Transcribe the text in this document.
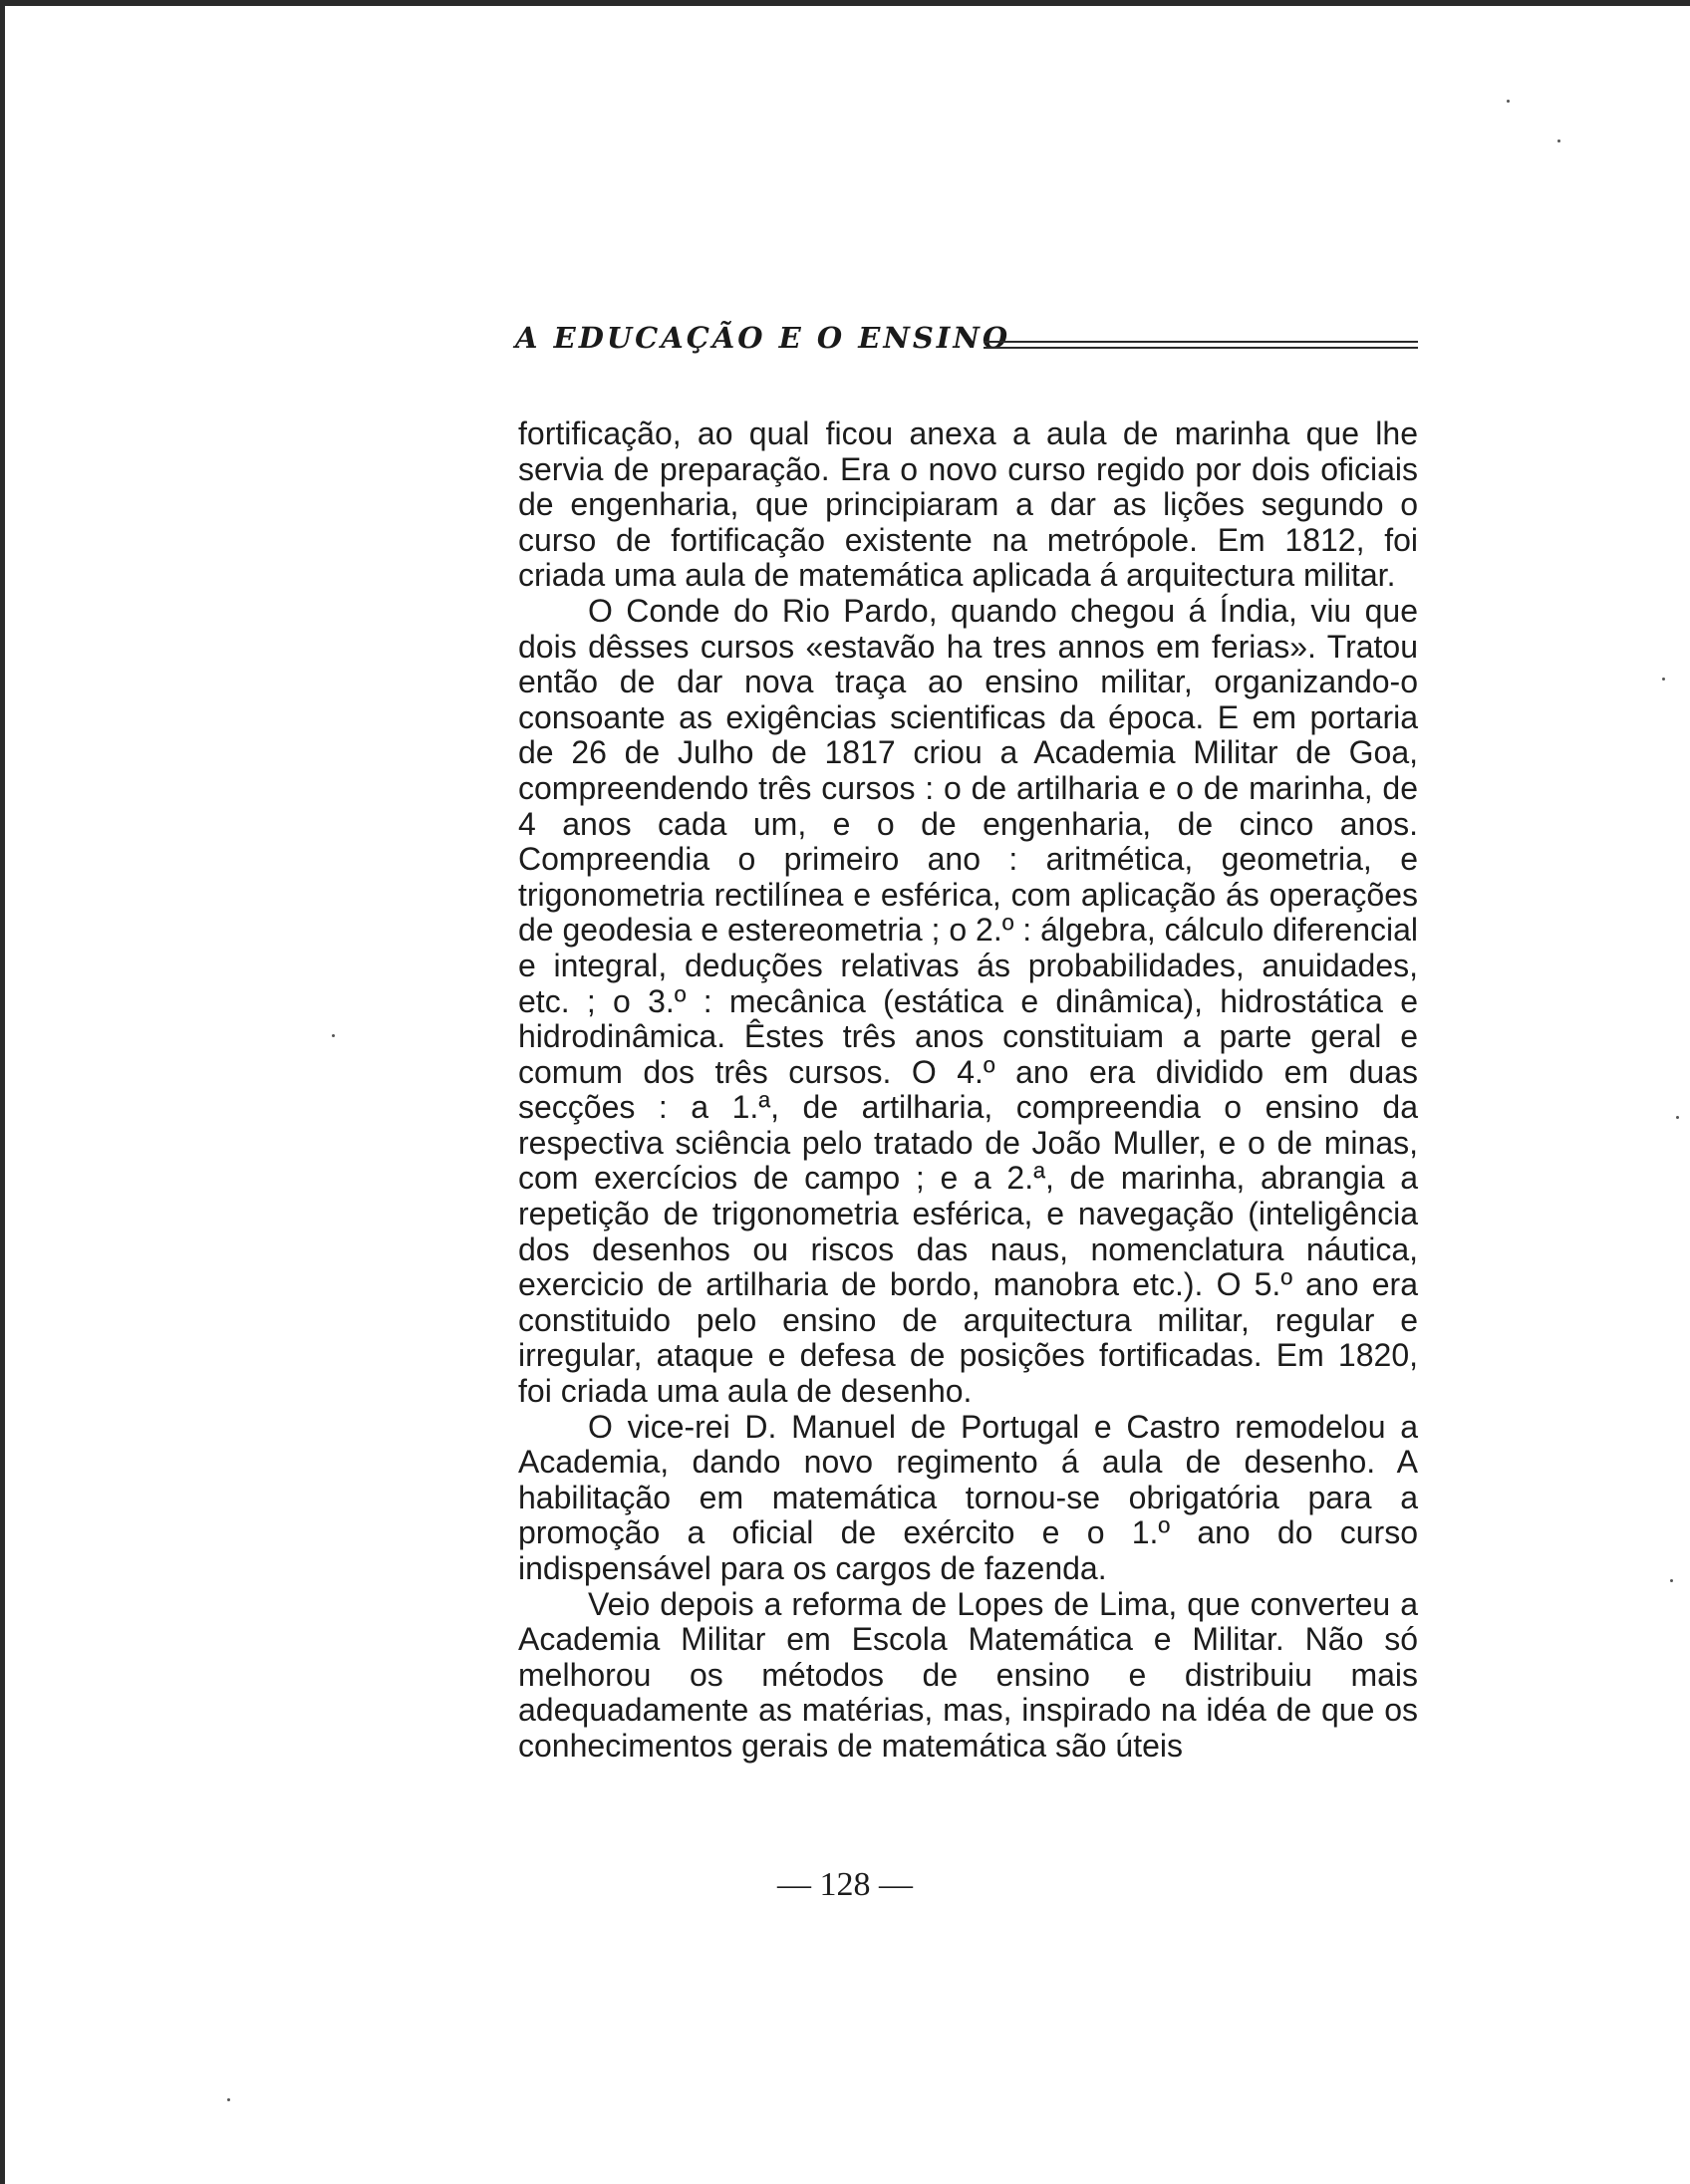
A EDUCAÇÃO E O ENSINO

fortificação, ao qual ficou anexa a aula de marinha que lhe servia de preparação. Era o novo curso regido por dois oficiais de engenharia, que principiaram a dar as lições segundo o curso de fortificação existente na metrópole. Em 1812, foi criada uma aula de matemática aplicada á arquitectura militar.

O Conde do Rio Pardo, quando chegou á Índia, viu que dois dêsses cursos «estavão ha tres annos em ferias». Tratou então de dar nova traça ao ensino militar, organizando-o consoante as exigências scientificas da época. E em portaria de 26 de Julho de 1817 criou a Academia Militar de Goa, compreendendo três cursos : o de artilharia e o de marinha, de 4 anos cada um, e o de engenharia, de cinco anos. Compreendia o primeiro ano : aritmética, geometria, e trigonometria rectilínea e esférica, com aplicação ás operações de geodesia e estereometria ; o 2.º : álgebra, cálculo diferencial e integral, deduções relativas ás probabilidades, anuidades, etc. ; o 3.º : mecânica (estática e dinâmica), hidrostática e hidrodinâmica. Êstes três anos constituiam a parte geral e comum dos três cursos. O 4.º ano era dividido em duas secções : a 1.ª, de artilharia, compreendia o ensino da respectiva sciência pelo tratado de João Muller, e o de minas, com exercícios de campo ; e a 2.ª, de marinha, abrangia a repetição de trigonometria esférica, e navegação (inteligência dos desenhos ou riscos das naus, nomenclatura náutica, exercicio de artilharia de bordo, manobra etc.). O 5.º ano era constituido pelo ensino de arquitectura militar, regular e irregular, ataque e defesa de posições fortificadas. Em 1820, foi criada uma aula de desenho.

O vice-rei D. Manuel de Portugal e Castro remodelou a Academia, dando novo regimento á aula de desenho. A habilitação em matemática tornou-se obrigatória para a promoção a oficial de exército e o 1.º ano do curso indispensável para os cargos de fazenda.

Veio depois a reforma de Lopes de Lima, que converteu a Academia Militar em Escola Matemática e Militar. Não só melhorou os métodos de ensino e distribuiu mais adequadamente as matérias, mas, inspirado na idéa de que os conhecimentos gerais de matemática são úteis

— 128 —
